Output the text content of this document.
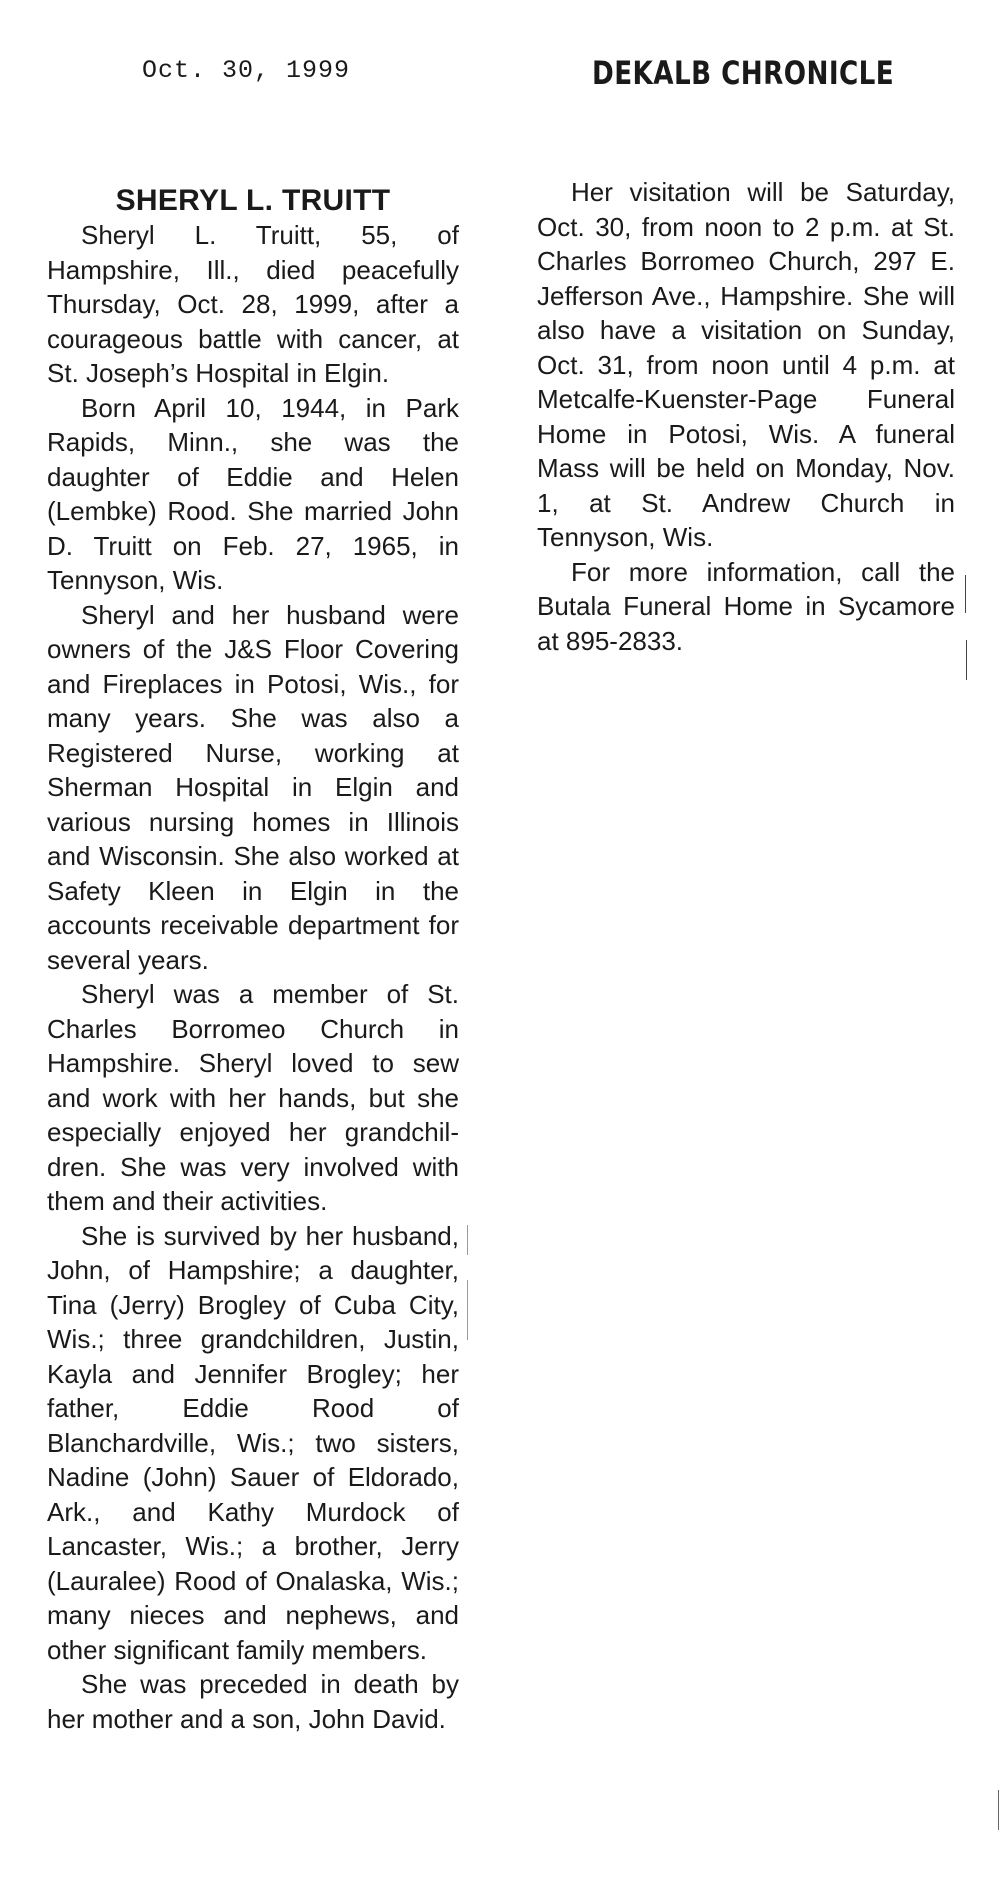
Oct. 30, 1999	DEKALB CHRONICLE
SHERYL L. TRUITT

Sheryl L. Truitt, 55, of Hampshire, Ill., died peacefully Thursday, Oct. 28, 1999, after a courageous battle with cancer, at St. Joseph’s Hospital in Elgin.

Born April 10, 1944, in Park Rapids, Minn., she was the daughter of Eddie and Helen (Lembke) Rood. She married John D. Truitt on Feb. 27, 1965, in Tennyson, Wis.

Sheryl and her husband were owners of the J&S Floor Covering and Fireplaces in Potosi, Wis., for many years. She was also a Registered Nurse, working at Sherman Hospital in Elgin and various nursing homes in Illinois and Wisconsin. She also worked at Safety Kleen in Elgin in the accounts receivable department for several years.

Sheryl was a member of St. Charles Borromeo Church in Hampshire. Sheryl loved to sew and work with her hands, but she especially enjoyed her grandchildren. She was very involved with them and their activities.

She is survived by her husband, John, of Hampshire; a daughter, Tina (Jerry) Brogley of Cuba City, Wis.; three grandchildren, Justin, Kayla and Jennifer Brogley; her father, Eddie Rood of Blanchardville, Wis.; two sisters, Nadine (John) Sauer of Eldorado, Ark., and Kathy Murdock of Lancaster, Wis.; a brother, Jerry (Lauralee) Rood of Onalaska, Wis.; many nieces and nephews, and other significant family members.

She was preceded in death by her mother and a son, John David.

Her visitation will be Saturday, Oct. 30, from noon to 2 p.m. at St. Charles Borromeo Church, 297 E. Jefferson Ave., Hampshire. She will also have a visitation on Sunday, Oct. 31, from noon until 4 p.m. at Metcalfe-Kuenster-Page Funeral Home in Potosi, Wis. A funeral Mass will be held on Monday, Nov. 1, at St. Andrew Church in Tennyson, Wis.

For more information, call the Butala Funeral Home in Sycamore at 895-2833.
